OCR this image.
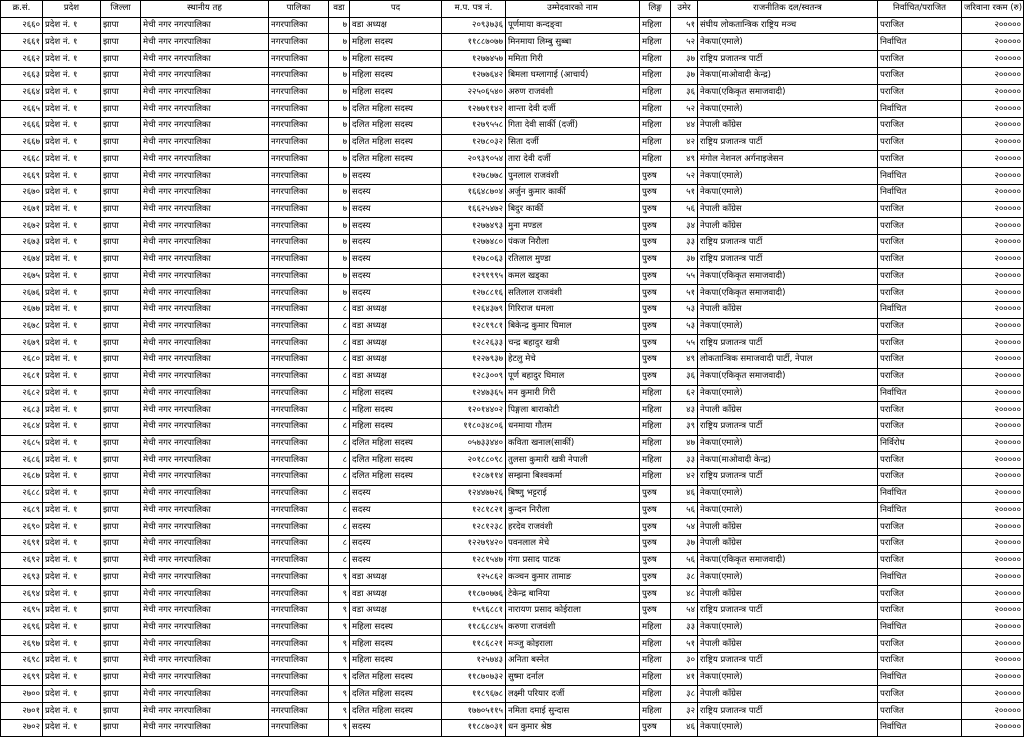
क्र.सं.	प्रदेश	जिल्ला	स्थानीय तह	पालिका	वडा	पद	म.प. पत्र नं.	उम्मेदवारको नाम	लिङ्ग	उमेर	राजनीतिक दल/स्वतन्त्र	निर्वाचित/पराजित	जरिवाना रकम (रु)
२६६०	प्रदेश नं. १	झापा	मेची नगर नगरपालिका	नगरपालिका	७	वडा अध्यक्ष	२०९३७३६	पूर्णमाया कन्दङ्वा	महिला	५१	संघीय लोकतान्त्रिक राष्ट्रिय मञ्च	पराजित	२०००००
२६६१	प्रदेश नं. १	झापा	मेची नगर नगरपालिका	नगरपालिका	७	महिला सदस्य	११८८७०७७	मिनमाया लिम्बु सुब्बा	महिला	५२	नेकपा(एमाले)	निर्वाचित	२०००००
२६६२	प्रदेश नं. १	झापा	मेची नगर नगरपालिका	नगरपालिका	७	महिला सदस्य	१२७७४५७	ममिता गिरी	महिला	३७	राष्ट्रिय प्रजातन्त्र पार्टी	पराजित	२०००००
२६६३	प्रदेश नं. १	झापा	मेची नगर नगरपालिका	नगरपालिका	७	महिला सदस्य	१२७७६४२	बिमला घम्लागाई (आचार्य)	महिला	३७	नेकपा(माओवादी केन्द्र)	पराजित	२०००००
२६६४	प्रदेश नं. १	झापा	मेची नगर नगरपालिका	नगरपालिका	७	महिला सदस्य	२२५०६५४०	अरुण राजवंशी	महिला	३६	नेकपा(एकिकृत समाजवादी)	पराजित	२०००००
२६६५	प्रदेश नं. १	झापा	मेची नगर नगरपालिका	नगरपालिका	७	दलित महिला सदस्य	१२७७११४२	शान्ता देवी दर्जी	महिला	५२	नेकपा(एमाले)	निर्वाचित	२०००००
२६६६	प्रदेश नं. १	झापा	मेची नगर नगरपालिका	नगरपालिका	७	दलित महिला सदस्य	१२७९५५८	गिता देवी सार्की (दर्जी)	महिला	४४	नेपाली काँग्रेस	पराजित	२०००००
२६६७	प्रदेश नं. १	झापा	मेची नगर नगरपालिका	नगरपालिका	७	दलित महिला सदस्य	१२७८०३२	सिता दर्जी	महिला	४२	राष्ट्रिय प्रजातन्त्र पार्टी	पराजित	२०००००
२६६८	प्रदेश नं. १	झापा	मेची नगर नगरपालिका	नगरपालिका	७	दलित महिला सदस्य	२०९३९०५४	तारा देवी दर्जी	महिला	४९	मंगोल नेशनल अर्गनाइजेसन	पराजित	२०००००
२६६९	प्रदेश नं. १	झापा	मेची नगर नगरपालिका	नगरपालिका	७	सदस्य	१२७८७७८	पुनलाल राजवंशी	पुरुष	५२	नेकपा(एमाले)	निर्वाचित	२०००००
२६७०	प्रदेश नं. १	झापा	मेची नगर नगरपालिका	नगरपालिका	७	सदस्य	१६६४८७०४	अर्जुन कुमार कार्की	पुरुष	५१	नेकपा(एमाले)	निर्वाचित	२०००००
२६७१	प्रदेश नं. १	झापा	मेची नगर नगरपालिका	नगरपालिका	७	सदस्य	१६६२५४७२	बिदुर कार्की	पुरुष	५६	नेपाली काँग्रेस	पराजित	२०००००
२६७२	प्रदेश नं. १	झापा	मेची नगर नगरपालिका	नगरपालिका	७	सदस्य	१२७७४९३	मुना मण्डल	पुरुष	३४	नेपाली काँग्रेस	पराजित	२०००००
२६७३	प्रदेश नं. १	झापा	मेची नगर नगरपालिका	नगरपालिका	७	सदस्य	१२७७४८०	पंकज निरौला	पुरुष	३३	राष्ट्रिय प्रजातन्त्र पार्टी	पराजित	२०००००
२६७४	प्रदेश नं. १	झापा	मेची नगर नगरपालिका	नगरपालिका	७	सदस्य	१२७८०६३	रतिलाल मुण्डा	पुरुष	३७	राष्ट्रिय प्रजातन्त्र पार्टी	पराजित	२०००००
२६७५	प्रदेश नं. १	झापा	मेची नगर नगरपालिका	नगरपालिका	७	सदस्य	१२९१९९५	कमल खड्का	पुरुष	५५	नेकपा(एकिकृत समाजवादी)	पराजित	२०००००
२६७६	प्रदेश नं. १	झापा	मेची नगर नगरपालिका	नगरपालिका	७	सदस्य	१२७८८१६	सतिलाल राजवंशी	पुरुष	५१	नेकपा(एकिकृत समाजवादी)	पराजित	२०००००
२६७७	प्रदेश नं. १	झापा	मेची नगर नगरपालिका	नगरपालिका	८	वडा अध्यक्ष	१२६४३७९	गिरिराज धमला	पुरुष	५३	नेपाली काँग्रेस	निर्वाचित	२०००००
२६७८	प्रदेश नं. १	झापा	मेची नगर नगरपालिका	नगरपालिका	८	वडा अध्यक्ष	१२८१९८१	बिकेन्द्र कुमार घिमाल	पुरुष	५३	नेकपा(एमाले)	पराजित	२०००००
२६७९	प्रदेश नं. १	झापा	मेची नगर नगरपालिका	नगरपालिका	८	वडा अध्यक्ष	१२८२६३३	चन्द्र बहादुर खत्री	पुरुष	५५	राष्ट्रिय प्रजातन्त्र पार्टी	पराजित	२०००००
२६८०	प्रदेश नं. १	झापा	मेची नगर नगरपालिका	नगरपालिका	८	वडा अध्यक्ष	१२२७९३७	हेटलु मेचे	पुरुष	४९	लोकतान्त्रिक समाजवादी पार्टी, नेपाल	पराजित	२०००००
२६८१	प्रदेश नं. १	झापा	मेची नगर नगरपालिका	नगरपालिका	८	वडा अध्यक्ष	१२८३००९	पूर्ण बहादुर घिमाल	पुरुष	३६	नेकपा(एकिकृत समाजवादी)	पराजित	२०००००
२६८२	प्रदेश नं. १	झापा	मेची नगर नगरपालिका	नगरपालिका	८	महिला सदस्य	१२४७३६५	मन कुमारी गिरी	महिला	६२	नेकपा(एमाले)	निर्वाचित	२०००००
२६८३	प्रदेश नं. १	झापा	मेची नगर नगरपालिका	नगरपालिका	८	महिला सदस्य	१२०१४४०२	पिङ्गला बाराकोटी	महिला	४३	नेपाली काँग्रेस	पराजित	२०००००
२६८४	प्रदेश नं. १	झापा	मेची नगर नगरपालिका	नगरपालिका	८	महिला सदस्य	११८०३४८०६	धनमाया गौतम	महिला	३९	राष्ट्रिय प्रजातन्त्र पार्टी	पराजित	२०००००
२६८५	प्रदेश नं. १	झापा	मेची नगर नगरपालिका	नगरपालिका	८	दलित महिला सदस्य	०५७३३४४०	कविता खनाल(सार्की)	महिला	४७	नेकपा(एमाले)	निर्विरोध	२०००००
२६८६	प्रदेश नं. १	झापा	मेची नगर नगरपालिका	नगरपालिका	८	दलित महिला सदस्य	२०१८८०९८	तुलसा कुमारी खत्री नेपाली	महिला	३३	नेकपा(माओवादी केन्द्र)	पराजित	२०००००
२६८७	प्रदेश नं. १	झापा	मेची नगर नगरपालिका	नगरपालिका	८	दलित महिला सदस्य	१२८७११४	सम्झना बिश्वकर्मा	महिला	४२	राष्ट्रिय प्रजातन्त्र पार्टी	पराजित	२०००००
२६८८	प्रदेश नं. १	झापा	मेची नगर नगरपालिका	नगरपालिका	८	सदस्य	१२४४७७२६	बिष्णु भट्टराई	पुरुष	४६	नेकपा(एमाले)	निर्वाचित	२०००००
२६८९	प्रदेश नं. १	झापा	मेची नगर नगरपालिका	नगरपालिका	८	सदस्य	१२८१८२१	कुन्दन निरौला	पुरुष	५६	नेकपा(एमाले)	निर्वाचित	२०००००
२६९०	प्रदेश नं. १	झापा	मेची नगर नगरपालिका	नगरपालिका	८	सदस्य	१२८१२३८	हरदेव राजवंशी	पुरुष	५४	नेपाली काँग्रेस	पराजित	२०००००
२६९१	प्रदेश नं. १	झापा	मेची नगर नगरपालिका	नगरपालिका	८	सदस्य	१२२७९४२०	पवनलाल मेचे	पुरुष	३७	नेपाली काँग्रेस	पराजित	२०००००
२६९२	प्रदेश नं. १	झापा	मेची नगर नगरपालिका	नगरपालिका	८	सदस्य	१२८१५४७	गंगा प्रसाद पाटक	पुरुष	५६	नेकपा(एकिकृत समाजवादी)	पराजित	२०००००
२६९३	प्रदेश नं. १	झापा	मेची नगर नगरपालिका	नगरपालिका	९	वडा अध्यक्ष	१२५८६२	कञ्चन कुमार तामाङ	पुरुष	३८	नेकपा(एमाले)	निर्वाचित	२०००००
२६९४	प्रदेश नं. १	झापा	मेची नगर नगरपालिका	नगरपालिका	९	वडा अध्यक्ष	११८७०७७६	टेकेन्द्र बानिया	पुरुष	४८	नेपाली काँग्रेस	पराजित	२०००००
२६९५	प्रदेश नं. १	झापा	मेची नगर नगरपालिका	नगरपालिका	९	वडा अध्यक्ष	१५९६८८१	नारायण प्रसाद कोईराला	पुरुष	५४	राष्ट्रिय प्रजातन्त्र पार्टी	पराजित	२०००००
२६९६	प्रदेश नं. १	झापा	मेची नगर नगरपालिका	नगरपालिका	९	महिला सदस्य	११८६८८४५	करुणा राजवंशी	महिला	३३	नेकपा(एमाले)	निर्वाचित	२०००००
२६९७	प्रदेश नं. १	झापा	मेची नगर नगरपालिका	नगरपालिका	९	महिला सदस्य	११८६८२१	मञ्जु कोइराला	महिला	५१	नेपाली काँग्रेस	पराजित	२०००००
२६९८	प्रदेश नं. १	झापा	मेची नगर नगरपालिका	नगरपालिका	९	महिला सदस्य	१२५७४३	अनिता बस्नेत	महिला	३०	राष्ट्रिय प्रजातन्त्र पार्टी	पराजित	२०००००
२६९९	प्रदेश नं. १	झापा	मेची नगर नगरपालिका	नगरपालिका	९	दलित महिला सदस्य	११८७०७३२	सुष्मा दर्नाल	महिला	४१	नेकपा(एमाले)	निर्वाचित	२०००००
२७००	प्रदेश नं. १	झापा	मेची नगर नगरपालिका	नगरपालिका	९	दलित महिला सदस्य	११८९६७८	लक्ष्मी परियार दर्जी	महिला	३८	नेपाली काँग्रेस	पराजित	२०००००
२७०१	प्रदेश नं. १	झापा	मेची नगर नगरपालिका	नगरपालिका	९	दलित महिला सदस्य	१७७०५११५	नमिता दमाई सुन्दास	महिला	३२	राष्ट्रिय प्रजातन्त्र पार्टी	पराजित	२०००००
२७०२	प्रदेश नं. १	झापा	मेची नगर नगरपालिका	नगरपालिका	९	सदस्य	११८८७०३१	धन कुमार श्रेष्ठ	पुरुष	४६	नेकपा(एमाले)	निर्वाचित	२०००००
